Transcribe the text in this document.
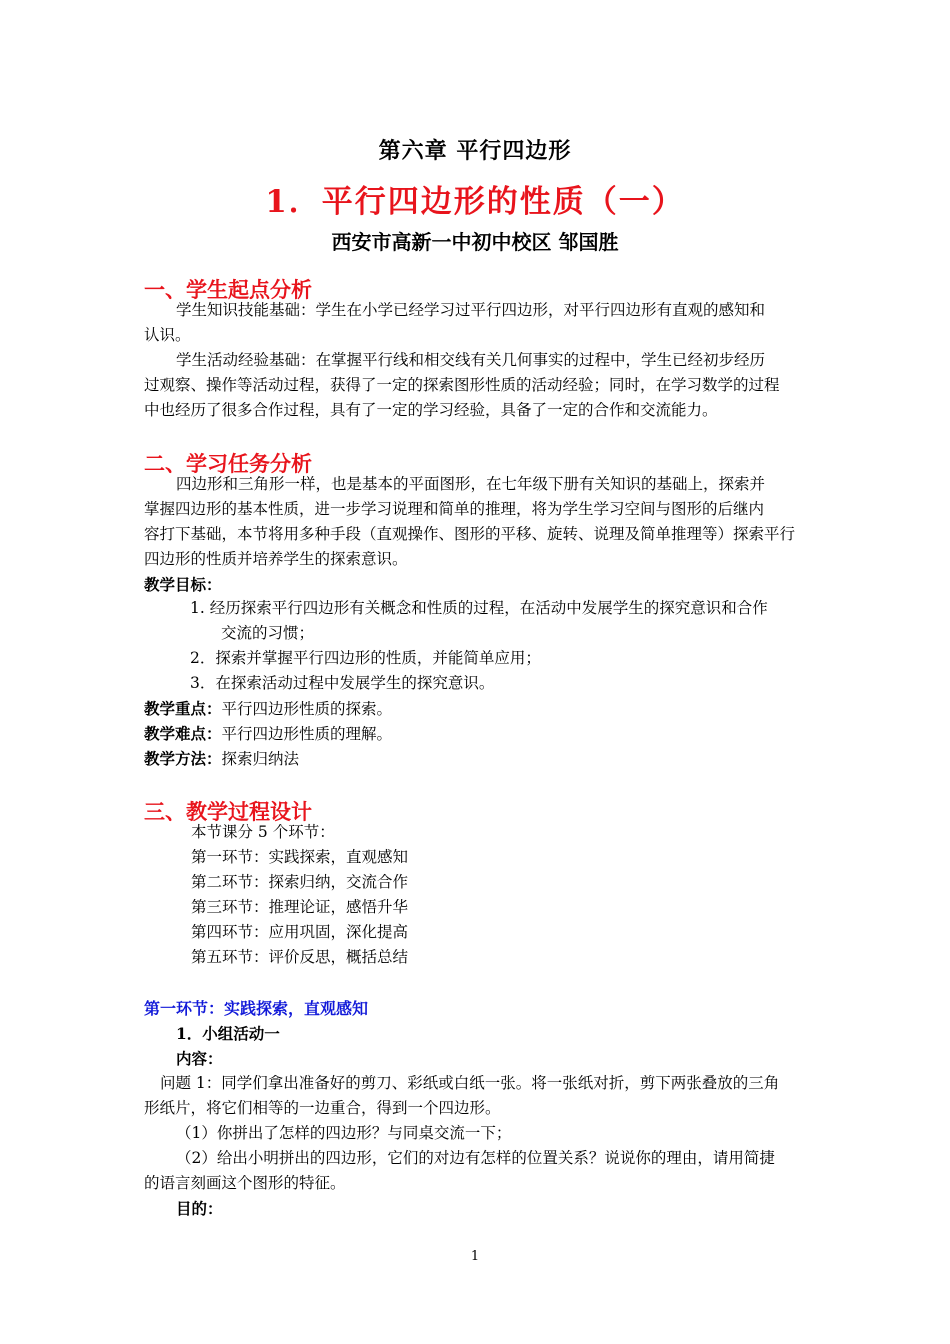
第六章 平行四边形
1．平行四边形的性质（一）
西安市高新一中初中校区 邹国胜
一、学生起点分析
学生知识技能基础：学生在小学已经学习过平行四边形，对平行四边形有直观的感知和
认识。
学生活动经验基础：在掌握平行线和相交线有关几何事实的过程中，学生已经初步经历
过观察、操作等活动过程，获得了一定的探索图形性质的活动经验；同时，在学习数学的过程
中也经历了很多合作过程，具有了一定的学习经验，具备了一定的合作和交流能力。
二、学习任务分析
四边形和三角形一样，也是基本的平面图形，在七年级下册有关知识的基础上，探索并
掌握四边形的基本性质，进一步学习说理和简单的推理，将为学生学习空间与图形的后继内
容打下基础，本节将用多种手段（直观操作、图形的平移、旋转、说理及简单推理等）探索平行
四边形的性质并培养学生的探索意识。
教学目标：
1. 经历探索平行四边形有关概念和性质的过程，在活动中发展学生的探究意识和合作
交流的习惯；
2．探索并掌握平行四边形的性质，并能简单应用；
3．在探索活动过程中发展学生的探究意识。
教学重点：平行四边形性质的探索。
教学难点：平行四边形性质的理解。
教学方法：探索归纳法
三、教学过程设计
本节课分 5 个环节：
第一环节：实践探索，直观感知
第二环节：探索归纳，交流合作
第三环节：推理论证，感悟升华
第四环节：应用巩固，深化提高
第五环节：评价反思，概括总结
第一环节：实践探索，直观感知
1．小组活动一
内容：
问题 1：同学们拿出准备好的剪刀、彩纸或白纸一张。将一张纸对折，剪下两张叠放的三角
形纸片，将它们相等的一边重合，得到一个四边形。
（1）你拼出了怎样的四边形？与同桌交流一下；
（2）给出小明拼出的四边形，它们的对边有怎样的位置关系？说说你的理由，请用简捷
的语言刻画这个图形的特征。
目的：
1
